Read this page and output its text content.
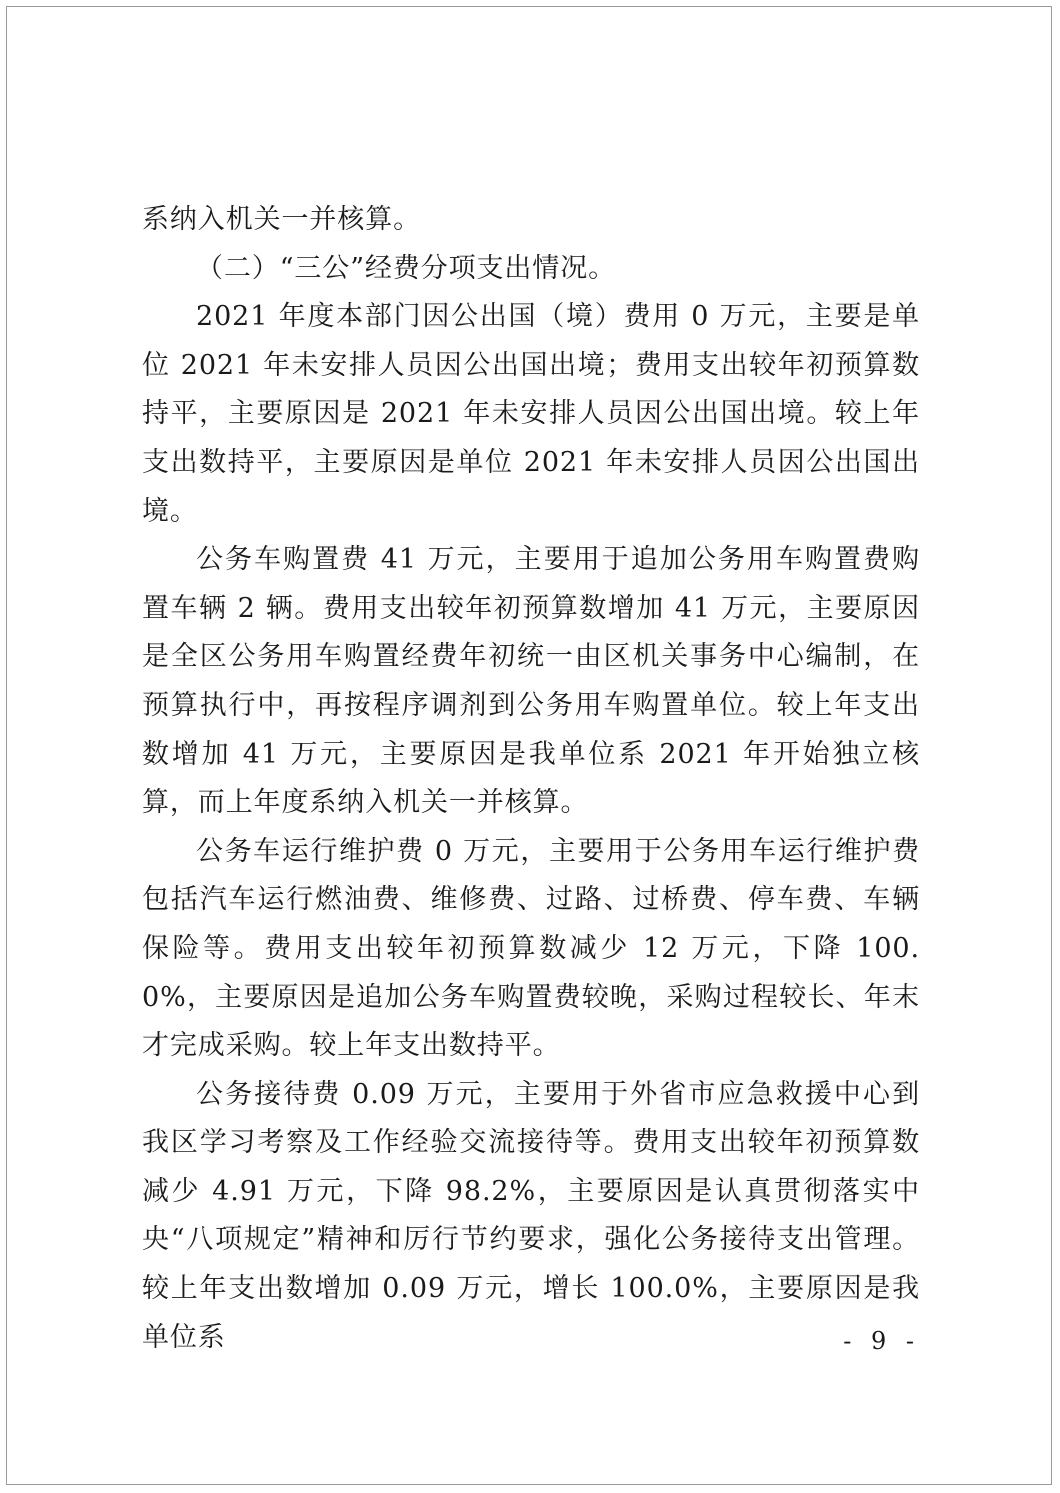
系纳入机关一并核算。

（二）“三公”经费分项支出情况。

2021 年度本部门因公出国（境）费用 0 万元，主要是单位 2021 年未安排人员因公出国出境；费用支出较年初预算数持平，主要原因是 2021 年未安排人员因公出国出境。较上年支出数持平，主要原因是单位 2021 年未安排人员因公出国出境。

公务车购置费 41 万元，主要用于追加公务用车购置费购置车辆 2 辆。费用支出较年初预算数增加 41 万元，主要原因是全区公务用车购置经费年初统一由区机关事务中心编制，在预算执行中，再按程序调剂到公务用车购置单位。较上年支出数增加 41 万元，主要原因是我单位系 2021 年开始独立核算，而上年度系纳入机关一并核算。

公务车运行维护费 0 万元，主要用于公务用车运行维护费包括汽车运行燃油费、维修费、过路、过桥费、停车费、车辆保险等。费用支出较年初预算数减少 12 万元，下降 100.0%，主要原因是追加公务车购置费较晚，采购过程较长、年末才完成采购。较上年支出数持平。

公务接待费 0.09 万元，主要用于外省市应急救援中心到我区学习考察及工作经验交流接待等。费用支出较年初预算数减少 4.91 万元，下降 98.2%，主要原因是认真贯彻落实中央“八项规定”精神和厉行节约要求，强化公务接待支出管理。较上年支出数增加 0.09 万元，增长 100.0%，主要原因是我单位系	- 9 -
